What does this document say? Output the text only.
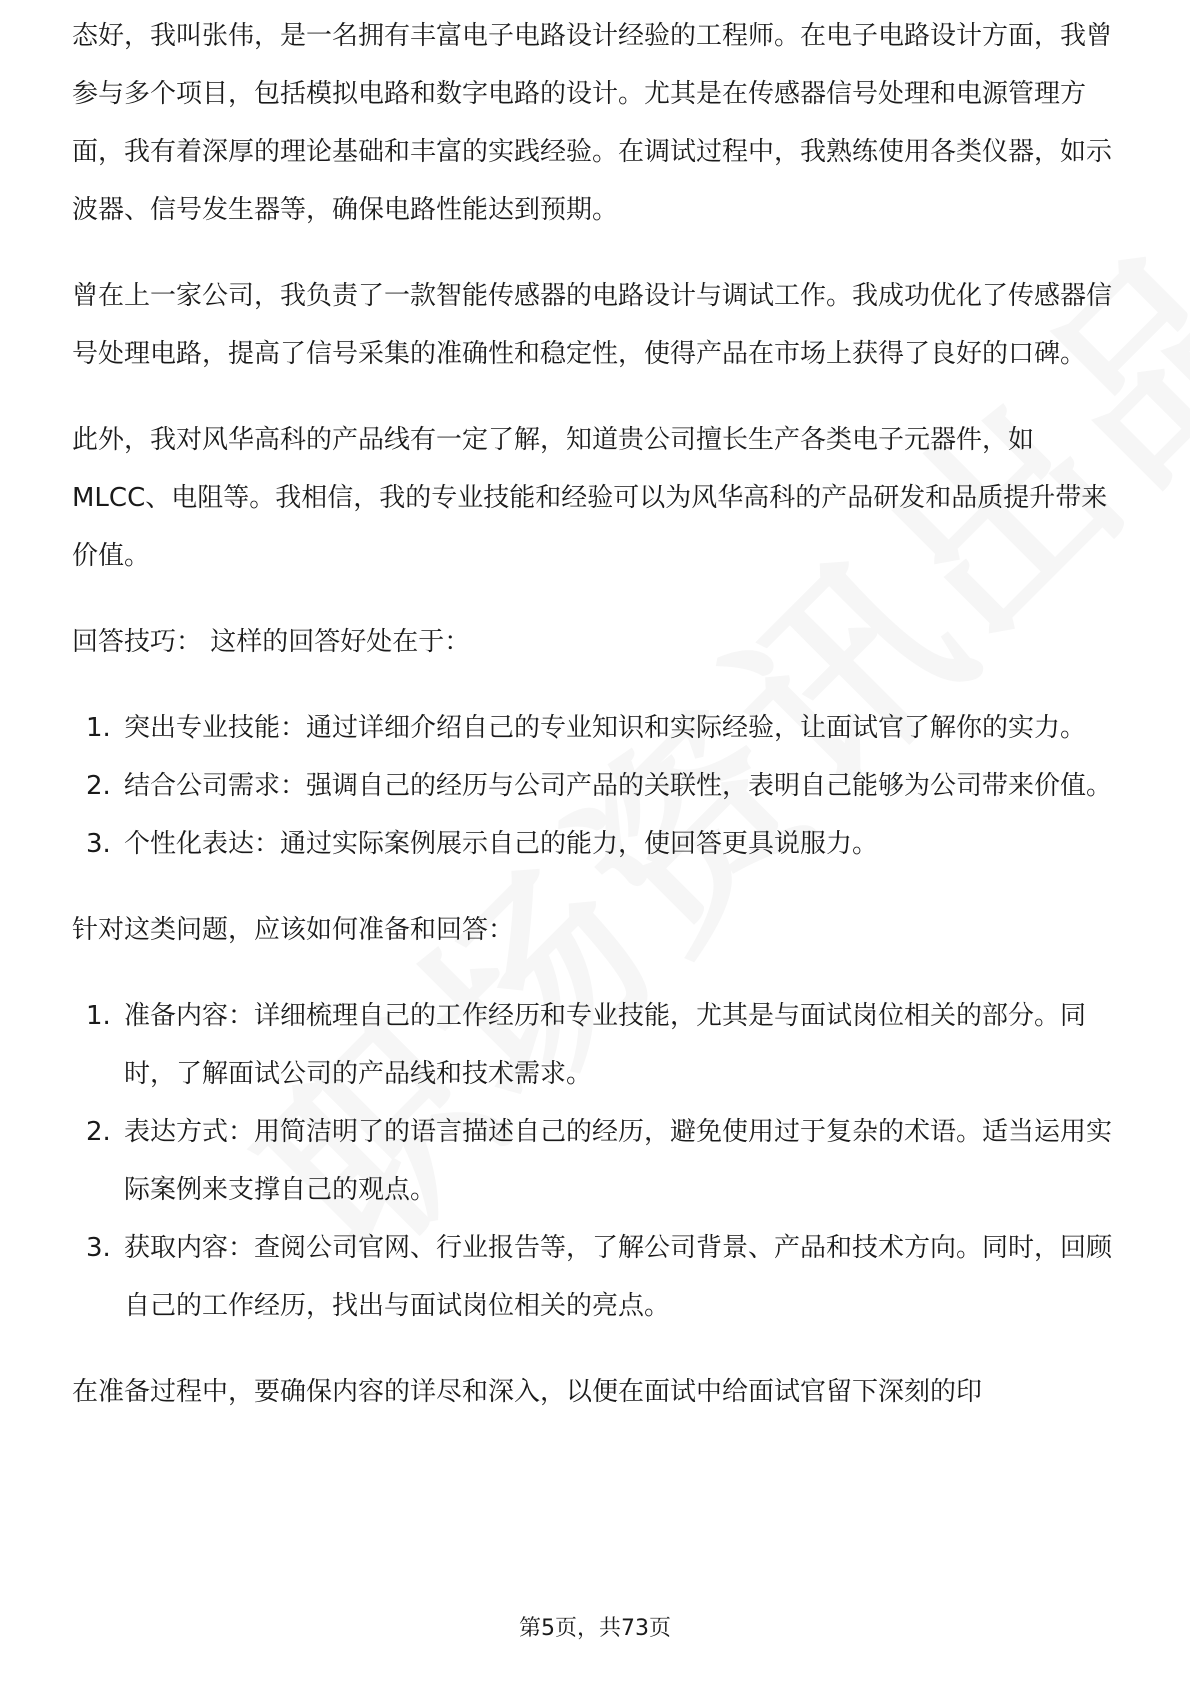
态好，我叫张伟，是一名拥有丰富电子电路设计经验的工程师。在电子电路设计方面，我曾参与多个项目，包括模拟电路和数字电路的设计。尤其是在传感器信号处理和电源管理方面，我有着深厚的理论基础和丰富的实践经验。在调试过程中，我熟练使用各类仪器，如示波器、信号发生器等，确保电路性能达到预期。

曾在上一家公司，我负责了一款智能传感器的电路设计与调试工作。我成功优化了传感器信号处理电路，提高了信号采集的准确性和稳定性，使得产品在市场上获得了良好的口碑。

此外，我对风华高科的产品线有一定了解，知道贵公司擅长生产各类电子元器件，如MLCC、电阻等。我相信，我的专业技能和经验可以为风华高科的产品研发和品质提升带来价值。

回答技巧： 这样的回答好处在于：

1. 突出专业技能：通过详细介绍自己的专业知识和实际经验，让面试官了解你的实力。
2. 结合公司需求：强调自己的经历与公司产品的关联性，表明自己能够为公司带来价值。
3. 个性化表达：通过实际案例展示自己的能力，使回答更具说服力。

针对这类问题，应该如何准备和回答：

1. 准备内容：详细梳理自己的工作经历和专业技能，尤其是与面试岗位相关的部分。同时，了解面试公司的产品线和技术需求。
2. 表达方式：用简洁明了的语言描述自己的经历，避免使用过于复杂的术语。适当运用实际案例来支撑自己的观点。
3. 获取内容：查阅公司官网、行业报告等，了解公司背景、产品和技术方向。同时，回顾自己的工作经历，找出与面试岗位相关的亮点。

在准备过程中，要确保内容的详尽和深入，以便在面试中给面试官留下深刻的印

第5页，共73页
